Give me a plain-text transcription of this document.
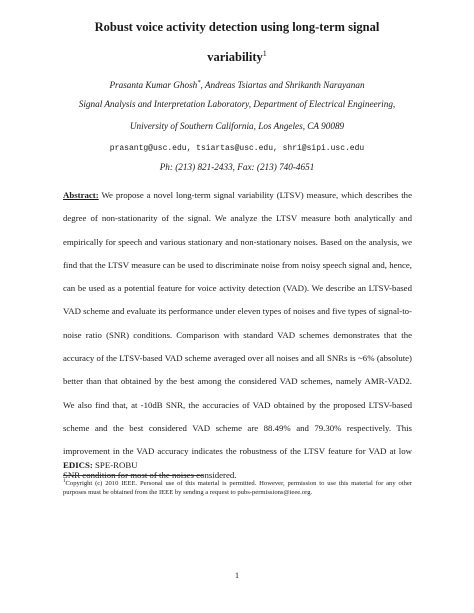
Robust voice activity detection using long-term signal
variability$^1$
Prasanta Kumar Ghosh*, Andreas Tsiartas and Shrikanth Narayanan
Signal Analysis and Interpretation Laboratory, Department of Electrical Engineering,
University of Southern California, Los Angeles, CA 90089
prasantg@usc.edu, tsiartas@usc.edu, shri@sipi.usc.edu
Ph: (213) 821-2433, Fax: (213) 740-4651

Abstract: We propose a novel long-term signal variability (LTSV) measure, which describes the degree of non-stationarity of the signal. We analyze the LTSV measure both analytically and empirically for speech and various stationary and non-stationary noises. Based on the analysis, we find that the LTSV measure can be used to discriminate noise from noisy speech signal and, hence, can be used as a potential feature for voice activity detection (VAD). We describe an LTSV-based VAD scheme and evaluate its performance under eleven types of noises and five types of signal-to-noise ratio (SNR) conditions. Comparison with standard VAD schemes demonstrates that the accuracy of the LTSV-based VAD scheme averaged over all noises and all SNRs is ~6% (absolute) better than that obtained by the best among the considered VAD schemes, namely AMR-VAD2. We also find that, at -10dB SNR, the accuracies of VAD obtained by the proposed LTSV-based scheme and the best considered VAD scheme are 88.49% and 79.30% respectively. This improvement in the VAD accuracy indicates the robustness of the LTSV feature for VAD at low SNR condition for most of the noises considered.

EDICS: SPE-ROBU

$^1$Copyright (c) 2010 IEEE. Personal use of this material is permitted. However, permission to use this material for any other purposes must be obtained from the IEEE by sending a request to pubs-permissions@ieee.org.

1
